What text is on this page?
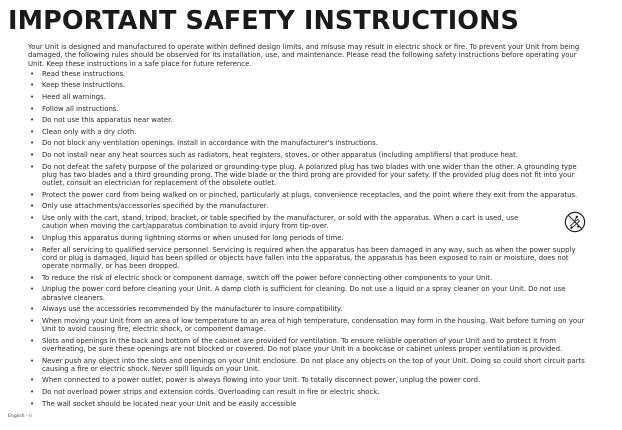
IMPORTANT SAFETY INSTRUCTIONS

Your Unit is designed and manufactured to operate within defined design limits, and misuse may result in electric shock or fire. To prevent your Unit from being damaged, the following rules should be observed for its installation, use, and maintenance. Please read the following safety instructions before operating your Unit. Keep these instructions in a safe place for future reference.

• Read these instructions.
• Keep these instructions.
• Heed all warnings.
• Follow all instructions.
• Do not use this apparatus near water.
• Clean only with a dry cloth.
• Do not block any ventilation openings. Install in accordance with the manufacturer's instructions.
• Do not install near any heat sources such as radiators, heat registers, stoves, or other apparatus (including amplifiers) that produce heat.
• Do not defeat the safety purpose of the polarized or grounding-type plug. A polarized plug has two blades with one wider than the other. A grounding type plug has two blades and a third grounding prong. The wide blade or the third prong are provided for your safety. If the provided plug does not fit into your outlet, consult an electrician for replacement of the obsolete outlet.
• Protect the power cord from being walked on or pinched, particularly at plugs, convenience receptacles, and the point where they exit from the apparatus.
• Only use attachments/accessories specified by the manufacturer.
• Use only with the cart, stand, tripod, bracket, or table specified by the manufacturer, or sold with the apparatus. When a cart is used, use caution when moving the cart/apparatus combination to avoid injury from tip-over.
• Unplug this apparatus during lightning storms or when unused for long periods of time.
• Refer all servicing to qualified service personnel. Servicing is required when the apparatus has been damaged in any way, such as when the power supply cord or plug is damaged, liquid has been spilled or objects have fallen into the apparatus, the apparatus has been exposed to rain or moisture, does not operate normally, or has been dropped.
• To reduce the risk of electric shock or component damage, switch off the power before connecting other components to your Unit.
• Unplug the power cord before cleaning your Unit. A damp cloth is sufficient for cleaning. Do not use a liquid or a spray cleaner on your Unit. Do not use abrasive cleaners.
• Always use the accessories recommended by the manufacturer to insure compatibility.
• When moving your Unit from an area of low temperature to an area of high temperature, condensation may form in the housing. Wait before turning on your Unit to avoid causing fire, electric shock, or component damage.
• Slots and openings in the back and bottom of the cabinet are provided for ventilation. To ensure reliable operation of your Unit and to protect it from overheating, be sure these openings are not blocked or covered. Do not place your Unit in a bookcase or cabinet unless proper ventilation is provided.
• Never push any object into the slots and openings on your Unit enclosure. Do not place any objects on the top of your Unit. Doing so could short circuit parts causing a fire or electric shock. Never spill liquids on your Unit.
• When connected to a power outlet, power is always flowing into your Unit. To totally disconnect power, unplug the power cord.
• Do not overload power strips and extension cords. Overloading can result in fire or electric shock.
• The wall socket should be located near your Unit and be easily accessible
English - ii
